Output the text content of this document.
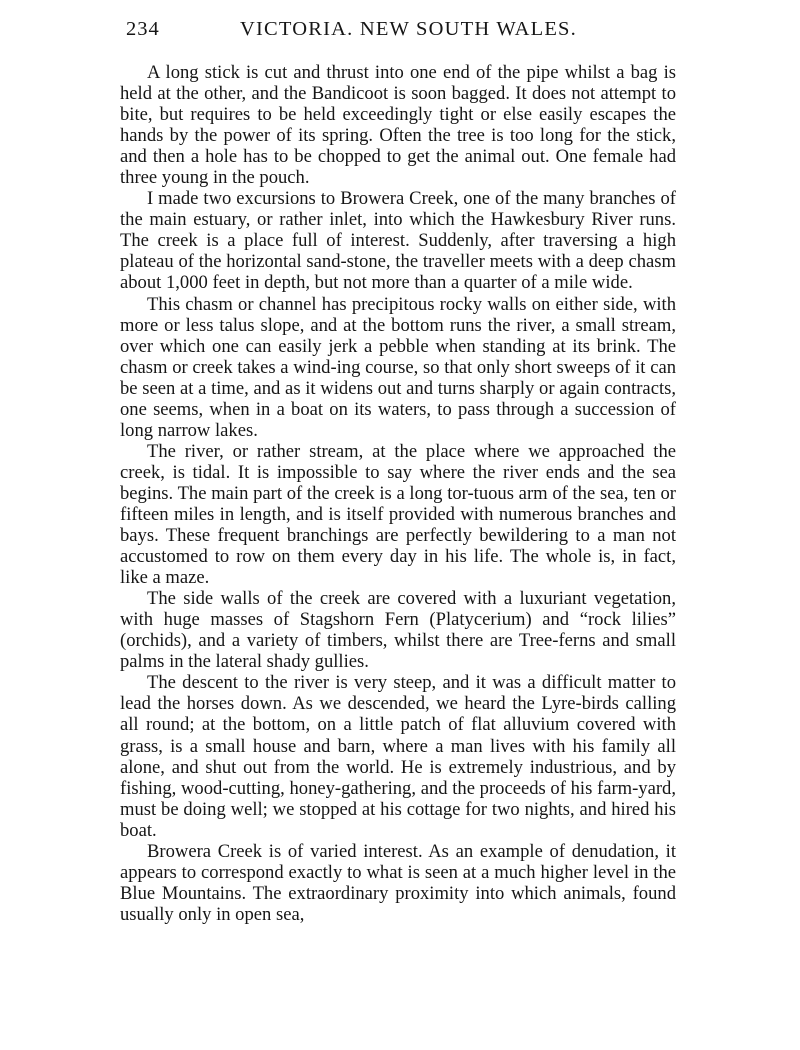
234	VICTORIA. NEW SOUTH WALES.

A long stick is cut and thrust into one end of the pipe whilst a bag is held at the other, and the Bandicoot is soon bagged. It does not attempt to bite, but requires to be held exceedingly tight or else easily escapes the hands by the power of its spring. Often the tree is too long for the stick, and then a hole has to be chopped to get the animal out. One female had three young in the pouch.

I made two excursions to Browera Creek, one of the many branches of the main estuary, or rather inlet, into which the Hawkesbury River runs. The creek is a place full of interest. Suddenly, after traversing a high plateau of the horizontal sand-stone, the traveller meets with a deep chasm about 1,000 feet in depth, but not more than a quarter of a mile wide.

This chasm or channel has precipitous rocky walls on either side, with more or less talus slope, and at the bottom runs the river, a small stream, over which one can easily jerk a pebble when standing at its brink. The chasm or creek takes a wind-ing course, so that only short sweeps of it can be seen at a time, and as it widens out and turns sharply or again contracts, one seems, when in a boat on its waters, to pass through a succession of long narrow lakes.

The river, or rather stream, at the place where we approached the creek, is tidal. It is impossible to say where the river ends and the sea begins. The main part of the creek is a long tor-tuous arm of the sea, ten or fifteen miles in length, and is itself provided with numerous branches and bays. These frequent branchings are perfectly bewildering to a man not accustomed to row on them every day in his life. The whole is, in fact, like a maze.

The side walls of the creek are covered with a luxuriant vegetation, with huge masses of Stagshorn Fern (Platycerium) and “rock lilies” (orchids), and a variety of timbers, whilst there are Tree-ferns and small palms in the lateral shady gullies.

The descent to the river is very steep, and it was a difficult matter to lead the horses down. As we descended, we heard the Lyre-birds calling all round; at the bottom, on a little patch of flat alluvium covered with grass, is a small house and barn, where a man lives with his family all alone, and shut out from the world. He is extremely industrious, and by fishing, wood-cutting, honey-gathering, and the proceeds of his farm-yard, must be doing well; we stopped at his cottage for two nights, and hired his boat.

Browera Creek is of varied interest. As an example of denudation, it appears to correspond exactly to what is seen at a much higher level in the Blue Mountains. The extraordinary proximity into which animals, found usually only in open sea,
